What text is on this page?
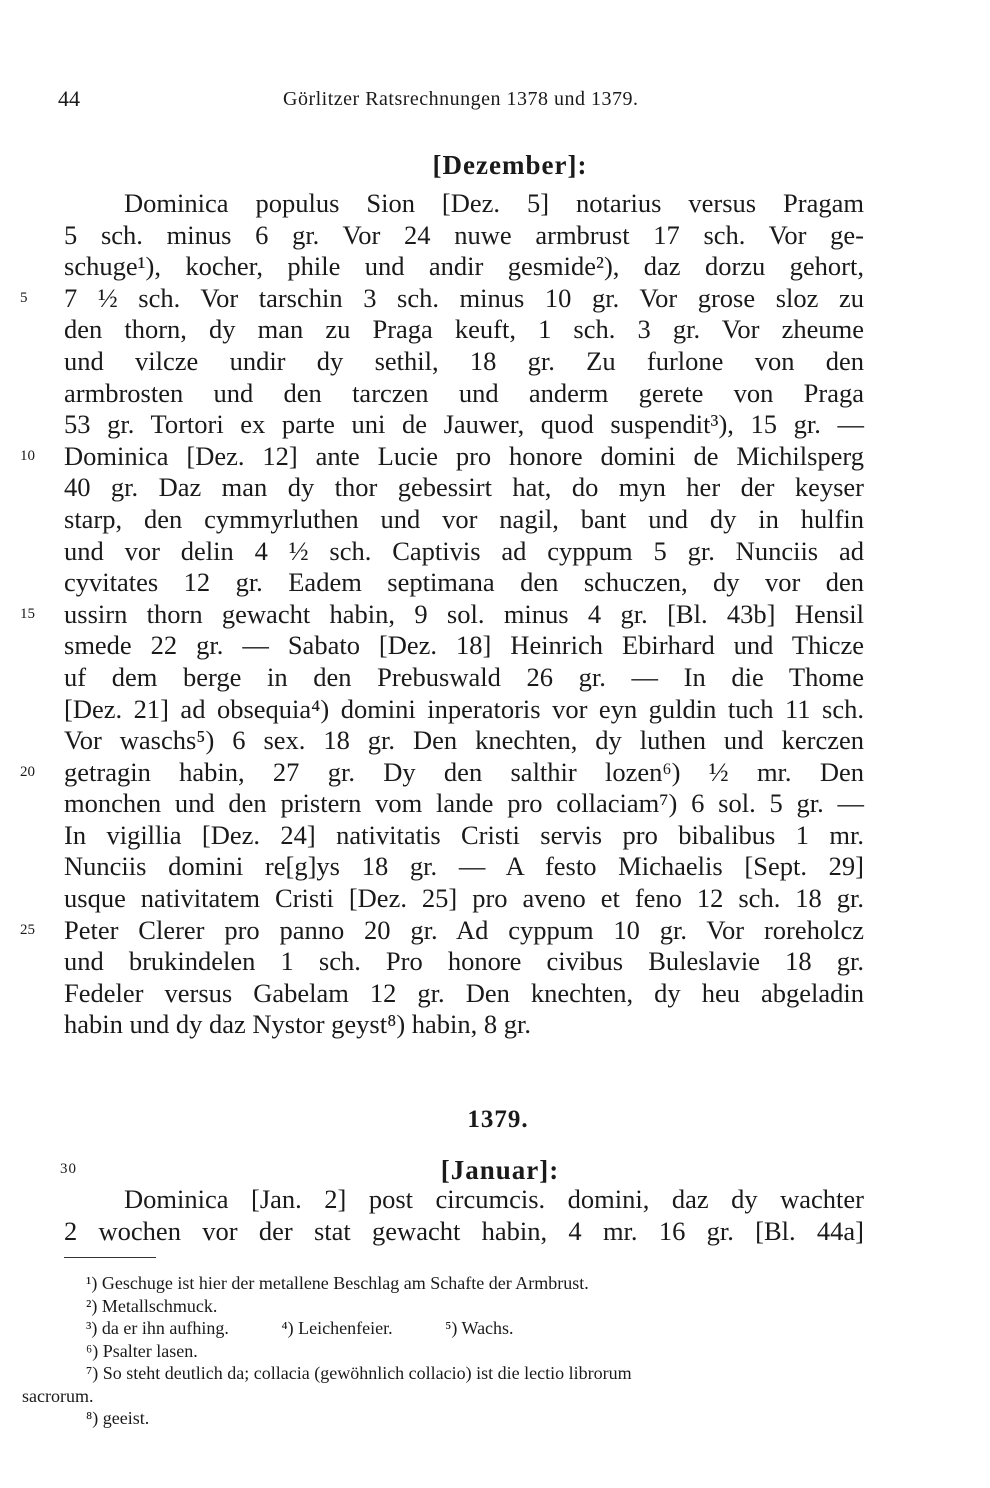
44	Görlitzer Ratsrechnungen 1378 und 1379.
[Dezember]:
Dominica populus Sion [Dez. 5] notarius versus Pragam
5 sch. minus 6 gr. Vor 24 nuwe armbrust 17 sch. Vor ge-
schuge¹), kocher, phile und andir gesmide²), daz dorzu gehort,
5	7 ½ sch. Vor tarschin 3 sch. minus 10 gr. Vor grose sloz zu
den thorn, dy man zu Praga keuft, 1 sch. 3 gr. Vor zheume
und vilcze undir dy sethil, 18 gr. Zu furlone von den
armbrosten und den tarczen und anderm gerete von Praga
53 gr. Tortori ex parte uni de Jauwer, quod suspendit³), 15 gr. —
10	Dominica [Dez. 12] ante Lucie pro honore domini de Michilsperg
40 gr. Daz man dy thor gebessirt hat, do myn her der keyser
starp, den cymmyrluthen und vor nagil, bant und dy in hulfin
und vor delin 4 ½ sch. Captivis ad cyppum 5 gr. Nunciis ad
cyvitates 12 gr. Eadem septimana den schuczen, dy vor den
15	ussirn thorn gewacht habin, 9 sol. minus 4 gr. [Bl. 43b] Hensil
smede 22 gr. — Sabato [Dez. 18] Heinrich Ebirhard und Thicze
uf dem berge in den Prebuswald 26 gr. — In die Thome
[Dez. 21] ad obsequia⁴) domini inperatoris vor eyn guldin tuch 11 sch.
Vor waschs⁵) 6 sex. 18 gr. Den knechten, dy luthen und kerczen
20	getragin habin, 27 gr. Dy den salthir lozen⁶) ½ mr. Den
monchen und den pristern vom lande pro collaciam⁷) 6 sol. 5 gr. —
In vigillia [Dez. 24] nativitatis Cristi servis pro bibalibus 1 mr.
Nunciis domini re[g]ys 18 gr. — A festo Michaelis [Sept. 29]
usque nativitatem Cristi [Dez. 25] pro aveno et feno 12 sch. 18 gr.
25	Peter Clerer pro panno 20 gr. Ad cyppum 10 gr. Vor roreholcz
und brukindelen 1 sch. Pro honore civibus Buleslavie 18 gr.
Fedeler versus Gabelam 12 gr. Den knechten, dy heu abgeladin
habin und dy daz Nystor geyst⁸) habin, 8 gr.
1379.
30	[Januar]:
Dominica [Jan. 2] post circumcis. domini, daz dy wachter
2 wochen vor der stat gewacht habin, 4 mr. 16 gr. [Bl. 44a]
¹) Geschuge ist hier der metallene Beschlag am Schafte der Armbrust.
²) Metallschmuck.
³) da er ihn aufhing.	⁴) Leichenfeier.	⁵) Wachs.
⁶) Psalter lasen.
⁷) So steht deutlich da; collacia (gewöhnlich collacio) ist die lectio librorum
sacrorum.
⁸) geeist.
